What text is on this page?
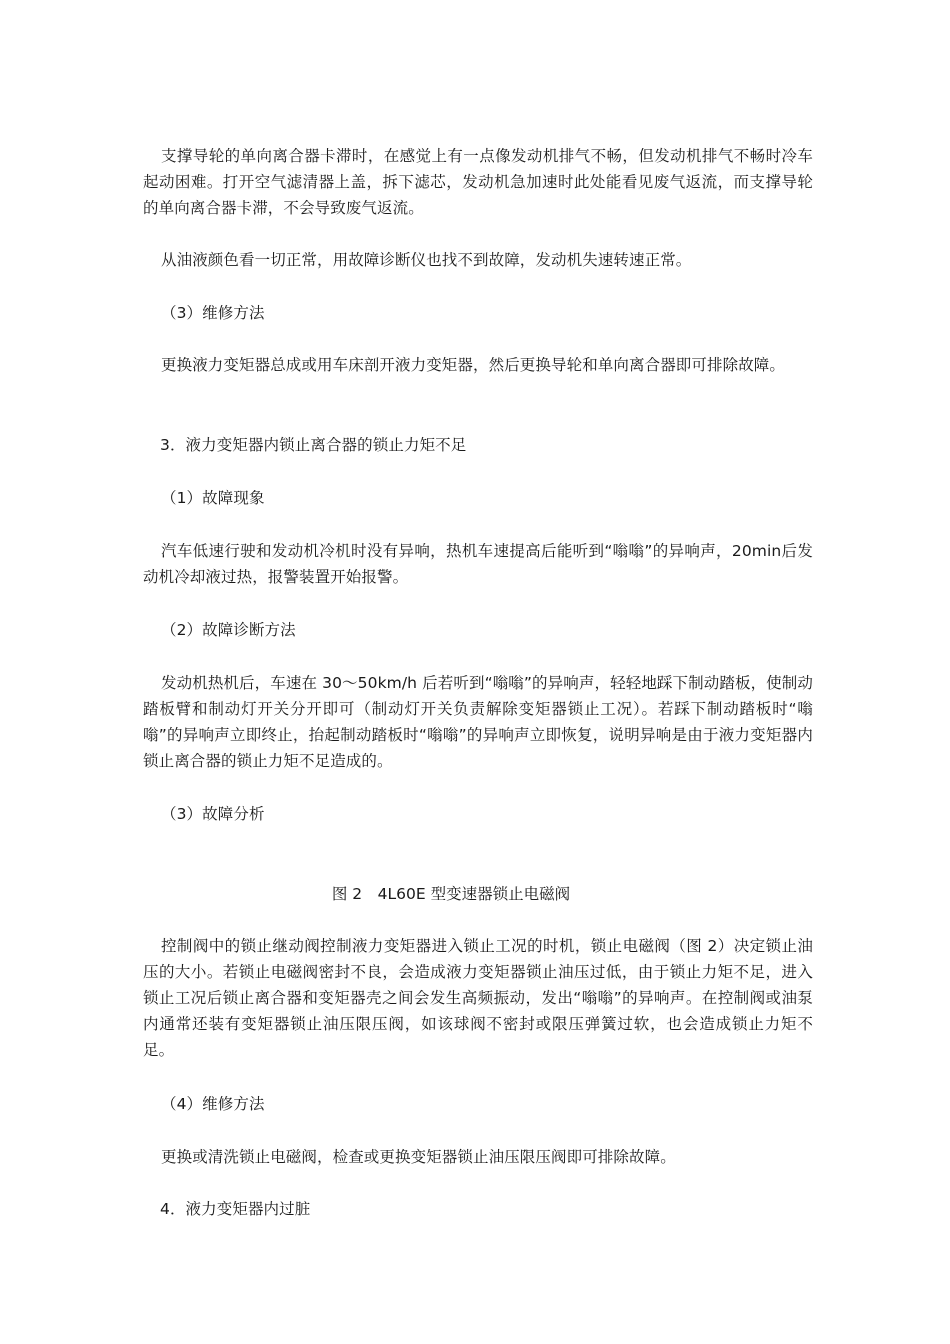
支撑导轮的单向离合器卡滞时，在感觉上有一点像发动机排气不畅，但发动机排气不畅时冷车起动困难。打开空气滤清器上盖，拆下滤芯，发动机急加速时此处能看见废气返流，而支撑导轮的单向离合器卡滞，不会导致废气返流。

从油液颜色看一切正常，用故障诊断仪也找不到故障，发动机失速转速正常。

（3）维修方法

更换液力变矩器总成或用车床剖开液力变矩器，然后更换导轮和单向离合器即可排除故障。

3．液力变矩器内锁止离合器的锁止力矩不足

（1）故障现象

汽车低速行驶和发动机冷机时没有异响，热机车速提高后能听到“嗡嗡”的异响声，20min后发动机冷却液过热，报警装置开始报警。

（2）故障诊断方法

发动机热机后，车速在 30～50km/h 后若听到“嗡嗡”的异响声，轻轻地踩下制动踏板，使制动踏板臂和制动灯开关分开即可（制动灯开关负责解除变矩器锁止工况）。若踩下制动踏板时“嗡嗡”的异响声立即终止，抬起制动踏板时“嗡嗡”的异响声立即恢复，说明异响是由于液力变矩器内锁止离合器的锁止力矩不足造成的。

（3）故障分析

图 2　4L60E 型变速器锁止电磁阀

控制阀中的锁止继动阀控制液力变矩器进入锁止工况的时机，锁止电磁阀（图 2）决定锁止油压的大小。若锁止电磁阀密封不良，会造成液力变矩器锁止油压过低，由于锁止力矩不足，进入锁止工况后锁止离合器和变矩器壳之间会发生高频振动，发出“嗡嗡”的异响声。在控制阀或油泵内通常还装有变矩器锁止油压限压阀，如该球阀不密封或限压弹簧过软，也会造成锁止力矩不足。

（4）维修方法

更换或清洗锁止电磁阀，检查或更换变矩器锁止油压限压阀即可排除故障。

4．液力变矩器内过脏
